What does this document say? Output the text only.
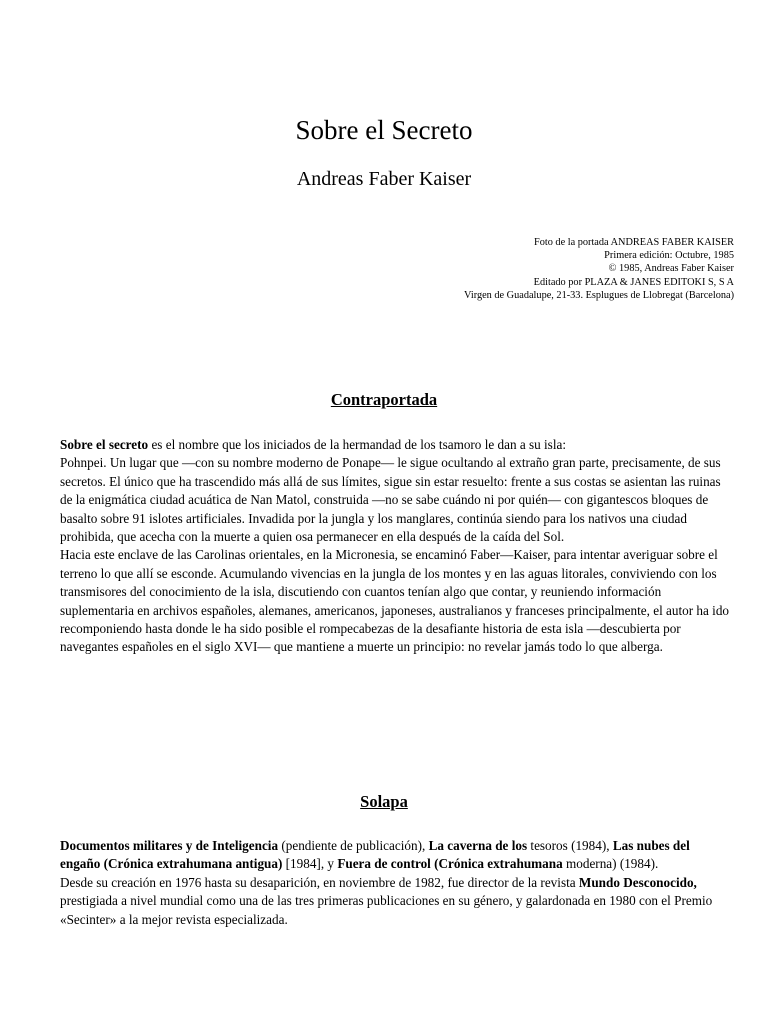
Sobre el Secreto
Andreas Faber Kaiser
Foto de la portada ANDREAS FABER KAISER
Primera edición: Octubre, 1985
© 1985, Andreas Faber Kaiser
Editado por PLAZA & JANES EDITOKI S, S A
Virgen de Guadalupe, 21-33. Esplugues de Llobregat (Barcelona)
Contraportada

Sobre el secreto es el nombre que los iniciados de la hermandad de los tsamoro le dan a su isla:

Pohnpei. Un lugar que —con su nombre moderno de Ponape— le sigue ocultando al extraño gran parte, precisamente, de sus secretos. El único que ha trascendido más allá de sus límites, sigue sin estar resuelto: frente a sus costas se asientan las ruinas de la enigmática ciudad acuática de Nan Matol, construida —no se sabe cuándo ni por quién— con gigantescos bloques de basalto sobre 91 islotes artificiales. Invadida por la jungla y los manglares, continúa siendo para los nativos una ciudad prohibida, que acecha con la muerte a quien osa permanecer en ella después de la caída del Sol.

Hacia este enclave de las Carolinas orientales, en la Micronesia, se encaminó Faber—Kaiser, para intentar averiguar sobre el terreno lo que allí se esconde. Acumulando vivencias en la jungla de los montes y en las aguas litorales, conviviendo con los transmisores del conocimiento de la isla, discutiendo con cuantos tenían algo que contar, y reuniendo información suplementaria en archivos españoles, alemanes, americanos, japoneses, australianos y franceses principalmente, el autor ha ido recomponiendo hasta donde le ha sido posible el rompecabezas de la desafiante historia de esta isla —descubierta por navegantes españoles en el siglo XVI— que mantiene a muerte un principio: no revelar jamás todo lo que alberga.

Solapa

Documentos militares y de Inteligencia (pendiente de publicación), La caverna de los tesoros (1984), Las nubes del engaño (Crónica extrahumana antigua) [1984], y Fuera de control (Crónica extrahumana moderna) (1984).

Desde su creación en 1976 hasta su desaparición, en noviembre de 1982, fue director de la revista Mundo Desconocido, prestigiada a nivel mundial como una de las tres primeras publicaciones en su género, y galardonada en 1980 con el Premio «Secinter» a la mejor revista especializada.
